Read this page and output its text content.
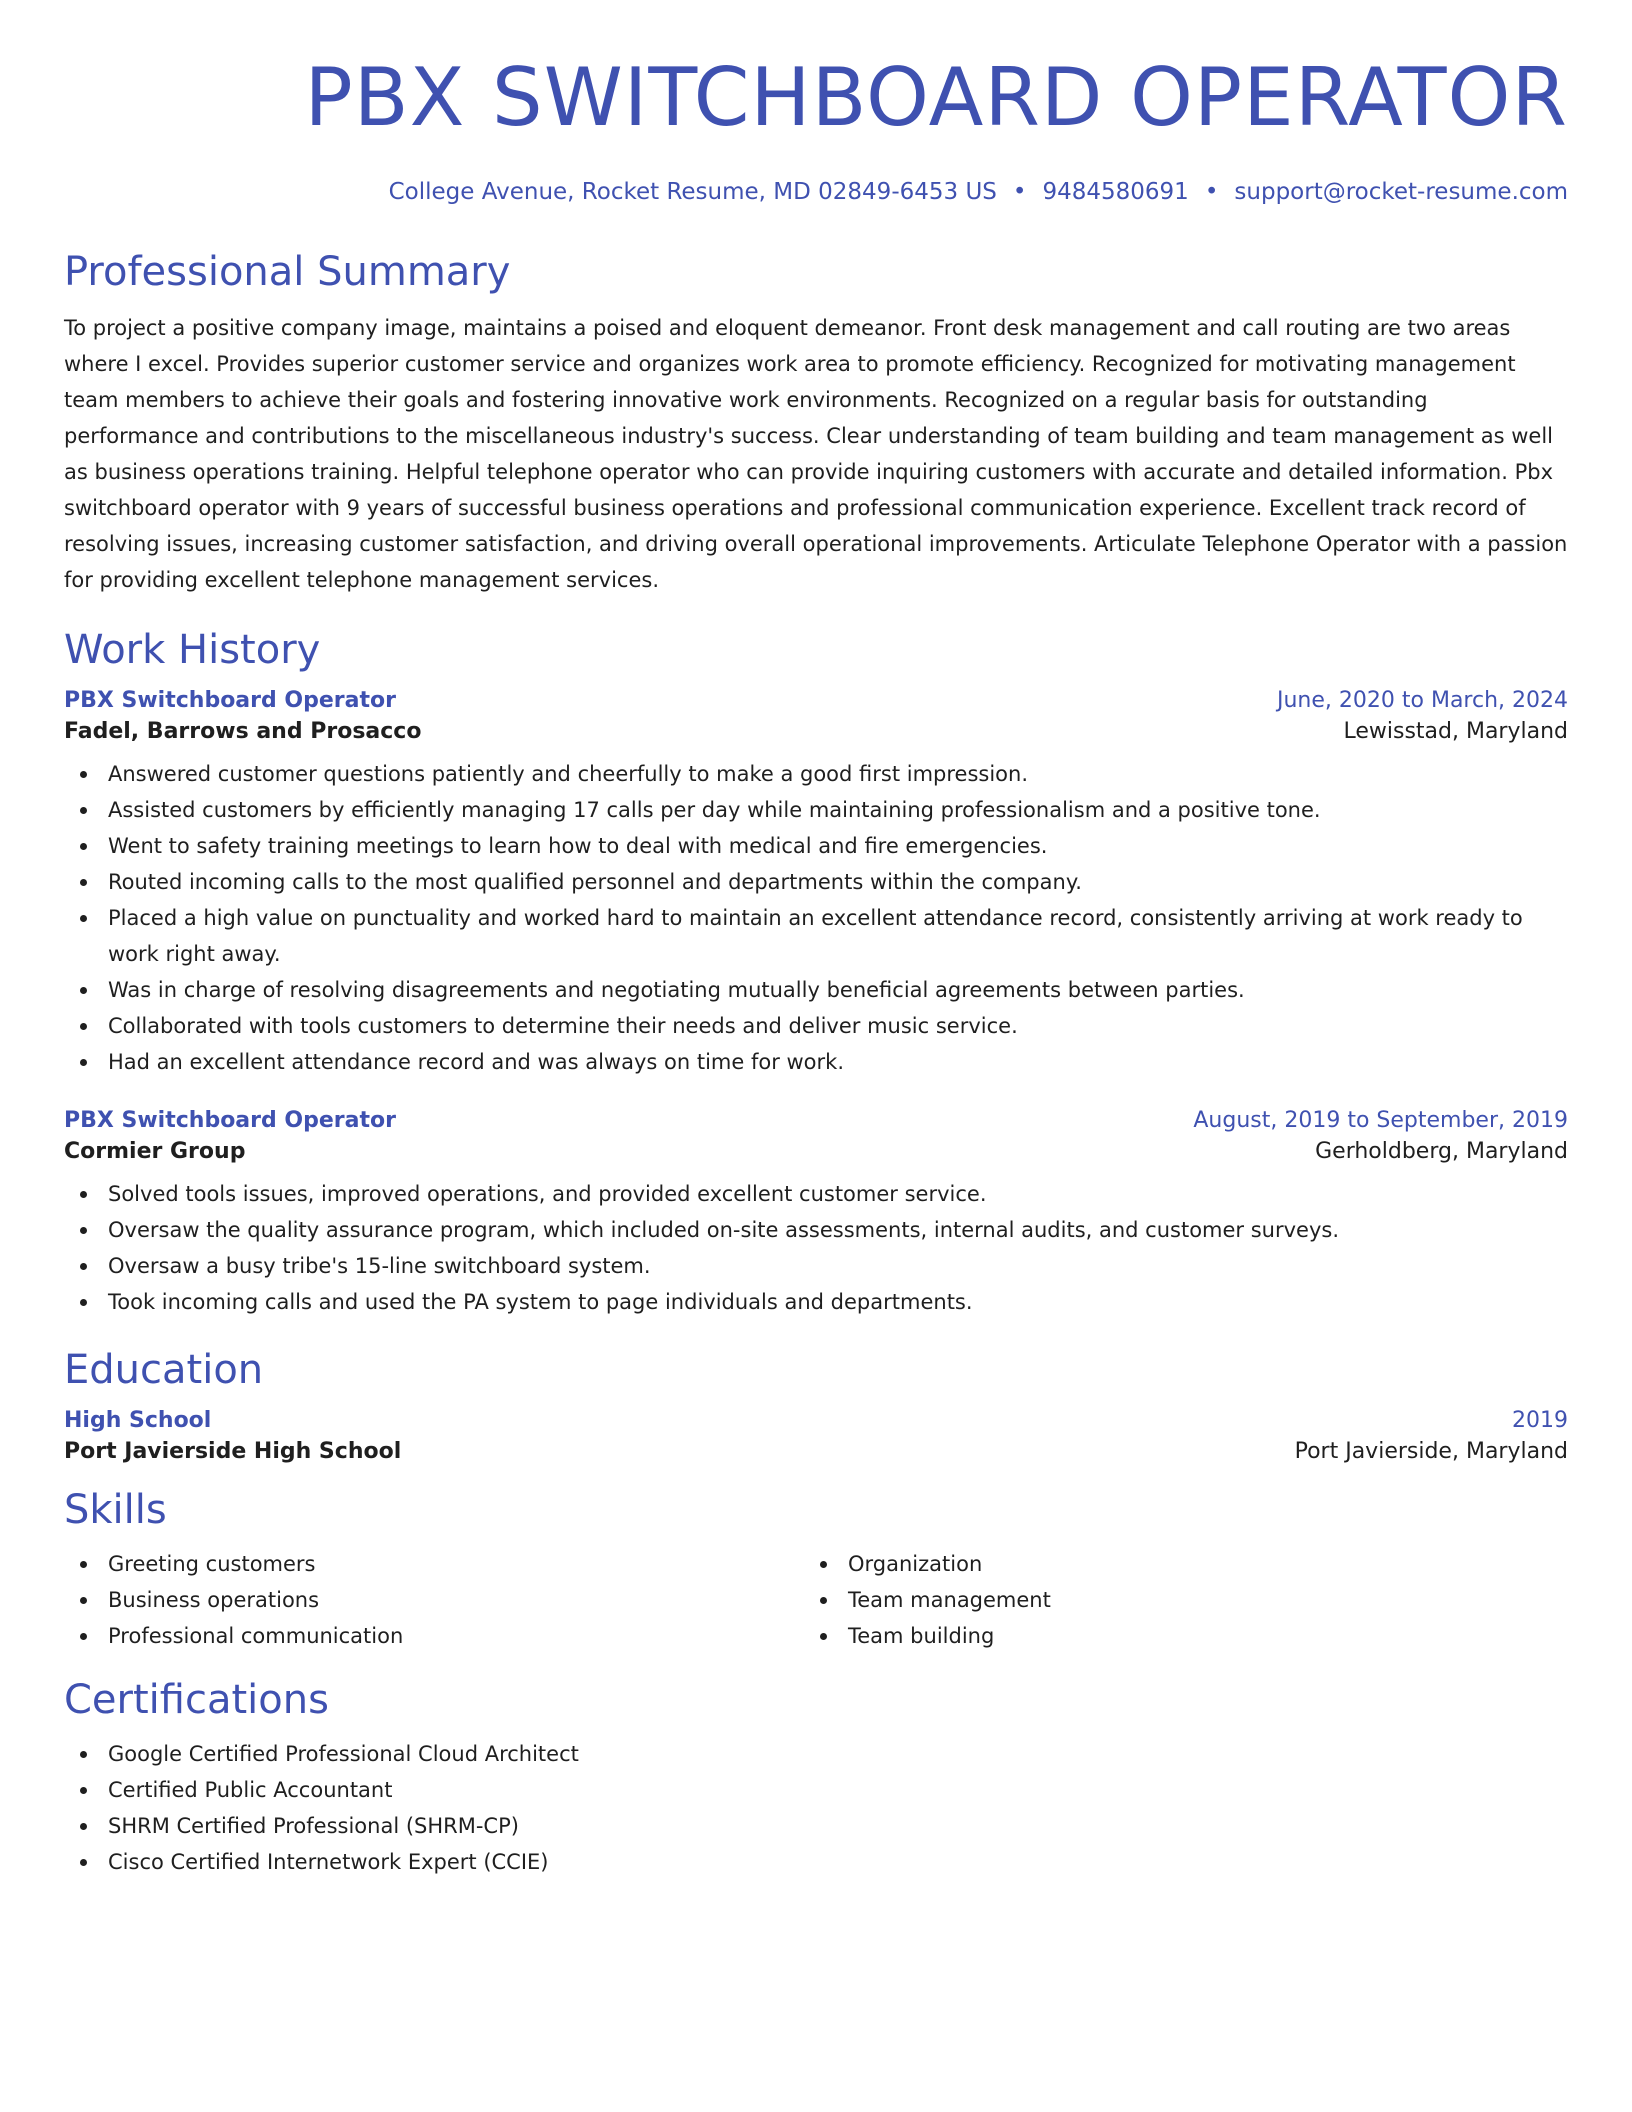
PBX SWITCHBOARD OPERATOR
College Avenue, Rocket Resume, MD 02849-6453 US • 9484580691 • support@rocket-resume.com
Professional Summary

To project a positive company image, maintains a poised and eloquent demeanor. Front desk management and call routing are two areas where I excel. Provides superior customer service and organizes work area to promote efficiency. Recognized for motivating management team members to achieve their goals and fostering innovative work environments. Recognized on a regular basis for outstanding performance and contributions to the miscellaneous industry's success. Clear understanding of team building and team management as well as business operations training. Helpful telephone operator who can provide inquiring customers with accurate and detailed information. Pbx switchboard operator with 9 years of successful business operations and professional communication experience. Excellent track record of resolving issues, increasing customer satisfaction, and driving overall operational improvements. Articulate Telephone Operator with a passion for providing excellent telephone management services.

Work History
PBX Switchboard Operator	June, 2020 to March, 2024
Fadel, Barrows and Prosacco	Lewisstad, Maryland
Answered customer questions patiently and cheerfully to make a good first impression.
Assisted customers by efficiently managing 17 calls per day while maintaining professionalism and a positive tone.
Went to safety training meetings to learn how to deal with medical and fire emergencies.
Routed incoming calls to the most qualified personnel and departments within the company.
Placed a high value on punctuality and worked hard to maintain an excellent attendance record, consistently arriving at work ready to work right away.
Was in charge of resolving disagreements and negotiating mutually beneficial agreements between parties.
Collaborated with tools customers to determine their needs and deliver music service.
Had an excellent attendance record and was always on time for work.
PBX Switchboard Operator	August, 2019 to September, 2019
Cormier Group	Gerholdberg, Maryland
Solved tools issues, improved operations, and provided excellent customer service.
Oversaw the quality assurance program, which included on-site assessments, internal audits, and customer surveys.
Oversaw a busy tribe's 15-line switchboard system.
Took incoming calls and used the PA system to page individuals and departments.
Education
High School	2019
Port Javierside High School	Port Javierside, Maryland
Skills
Greeting customers
Business operations
Professional communication
Organization
Team management
Team building
Certifications
Google Certified Professional Cloud Architect
Certified Public Accountant
SHRM Certified Professional (SHRM-CP)
Cisco Certified Internetwork Expert (CCIE)
